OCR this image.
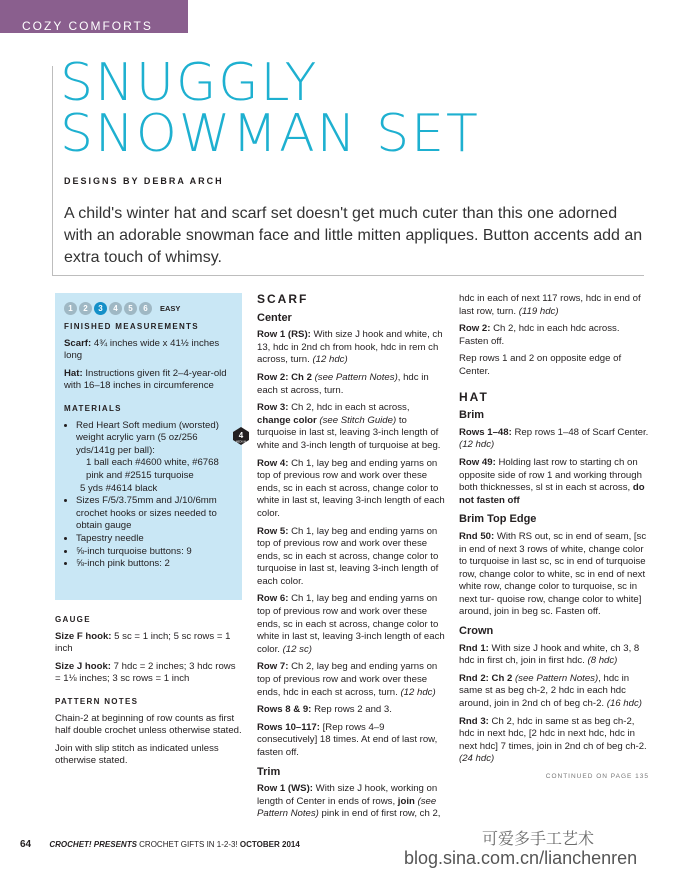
COZY COMFORTS
SNUGGLY
SNOWMAN SET
DESIGNS BY DEBRA ARCH
A child's winter hat and scarf set doesn't get much cuter than this one adorned with an adorable snowman face and little mitten appliques. Button accents add an extra touch of whimsy.
1	2	3	4	5	6	EASY
FINISHED MEASUREMENTS

Scarf: 4¾ inches wide x 41½ inches long

Hat: Instructions given fit 2–4-year-old with 16–18 inches in circumference

MATERIALS
• Red Heart Soft medium (worsted) weight acrylic yarn (5 oz/256 yds/141g per ball):
1 ball each #4600 white, #6768 pink and #2515 turquoise
5 yds #4614 black
• Sizes F/5/3.75mm and J/10/6mm crochet hooks or sizes needed to obtain gauge
• Tapestry needle
• ⅝-inch turquoise buttons: 9
• ⅝-inch pink buttons: 2
4
MEDIUM
GAUGE

Size F hook: 5 sc = 1 inch; 5 sc rows = 1 inch

Size J hook: 7 hdc = 2 inches; 3 hdc rows = 1⅛ inches; 3 sc rows = 1 inch

PATTERN NOTES

Chain-2 at beginning of row counts as first half double crochet unless otherwise stated.

Join with slip stitch as indicated unless otherwise stated.

SCARF
Center

Row 1 (RS): With size J hook and white, ch 13, hdc in 2nd ch from hook, hdc in rem ch across, turn. (12 hdc)

Row 2: Ch 2 (see Pattern Notes), hdc in each st across, turn.

Row 3: Ch 2, hdc in each st across, change color (see Stitch Guide) to turquoise in last st, leaving 3-inch length of white and 3-inch length of turquoise at beg.

Row 4: Ch 1, lay beg and ending yarns on top of previous row and work over these ends, sc in each st across, change color to white in last st, leaving 3-inch length of each color.

Row 5: Ch 1, lay beg and ending yarns on top of previous row and work over these ends, sc in each st across, change color to turquoise in last st, leaving 3-inch length of each color.

Row 6: Ch 1, lay beg and ending yarns on top of previous row and work over these ends, sc in each st across, change color to white in last st, leaving 3-inch length of each color. (12 sc)

Row 7: Ch 2, lay beg and ending yarns on top of previous row and work over these ends, hdc in each st across, turn. (12 hdc)

Rows 8 & 9: Rep rows 2 and 3.

Rows 10–117: [Rep rows 4–9 consecutively] 18 times. At end of last row, fasten off.

Trim

Row 1 (WS): With size J hook, working on length of Center in ends of rows, join (see Pattern Notes) pink in end of first row, ch 2,

hdc in each of next 117 rows, hdc in end of last row, turn. (119 hdc)

Row 2: Ch 2, hdc in each hdc across. Fasten off.

Rep rows 1 and 2 on opposite edge of Center.

HAT
Brim

Rows 1–48: Rep rows 1–48 of Scarf Center. (12 hdc)

Row 49: Holding last row to starting ch on opposite side of row 1 and working through both thicknesses, sl st in each st across, do not fasten off

Brim Top Edge

Rnd 50: With RS out, sc in end of seam, [sc in end of next 3 rows of white, change color to turquoise in last sc, sc in end of turquoise row, change color to white, sc in end of next white row, change color to turquoise, sc in next tur- quoise row, change color to white] around, join in beg sc. Fasten off.

Crown

Rnd 1: With size J hook and white, ch 3, 8 hdc in first ch, join in first hdc. (8 hdc)

Rnd 2: Ch 2 (see Pattern Notes), hdc in same st as beg ch-2, 2 hdc in each hdc around, join in 2nd ch of beg ch-2. (16 hdc)

Rnd 3: Ch 2, hdc in same st as beg ch-2, hdc in next hdc, [2 hdc in next hdc, hdc in next hdc] 7 times, join in 2nd ch of beg ch-2. (24 hdc)

CONTINUED ON PAGE 135
64 CROCHET! PRESENTS CROCHET GIFTS IN 1-2-3! OCTOBER 2014	可爱多手工艺术
blog.sina.com.cn/lianchenren
